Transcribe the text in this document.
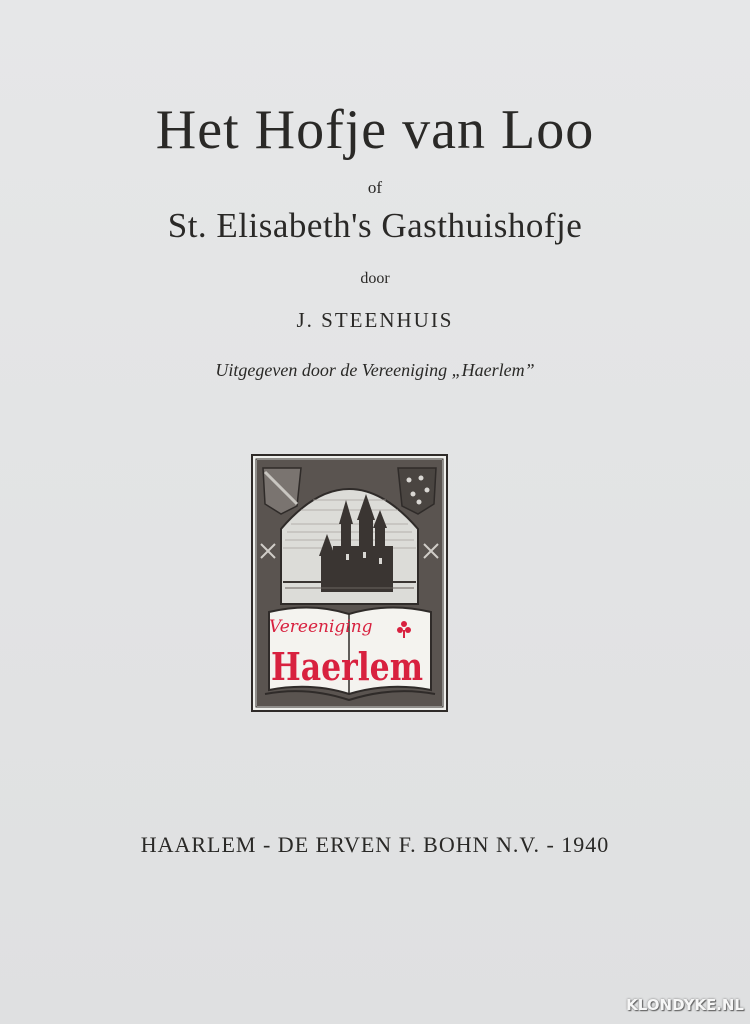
Het Hofje van Loo
of
St. Elisabeth's Gasthuishofje
door
J. STEENHUIS
Uitgegeven door de Vereeniging „Haerlem”
Vereeniging
Haerlem
HAARLEM - DE ERVEN F. BOHN N.V. - 1940
KLONDYKE.NL
